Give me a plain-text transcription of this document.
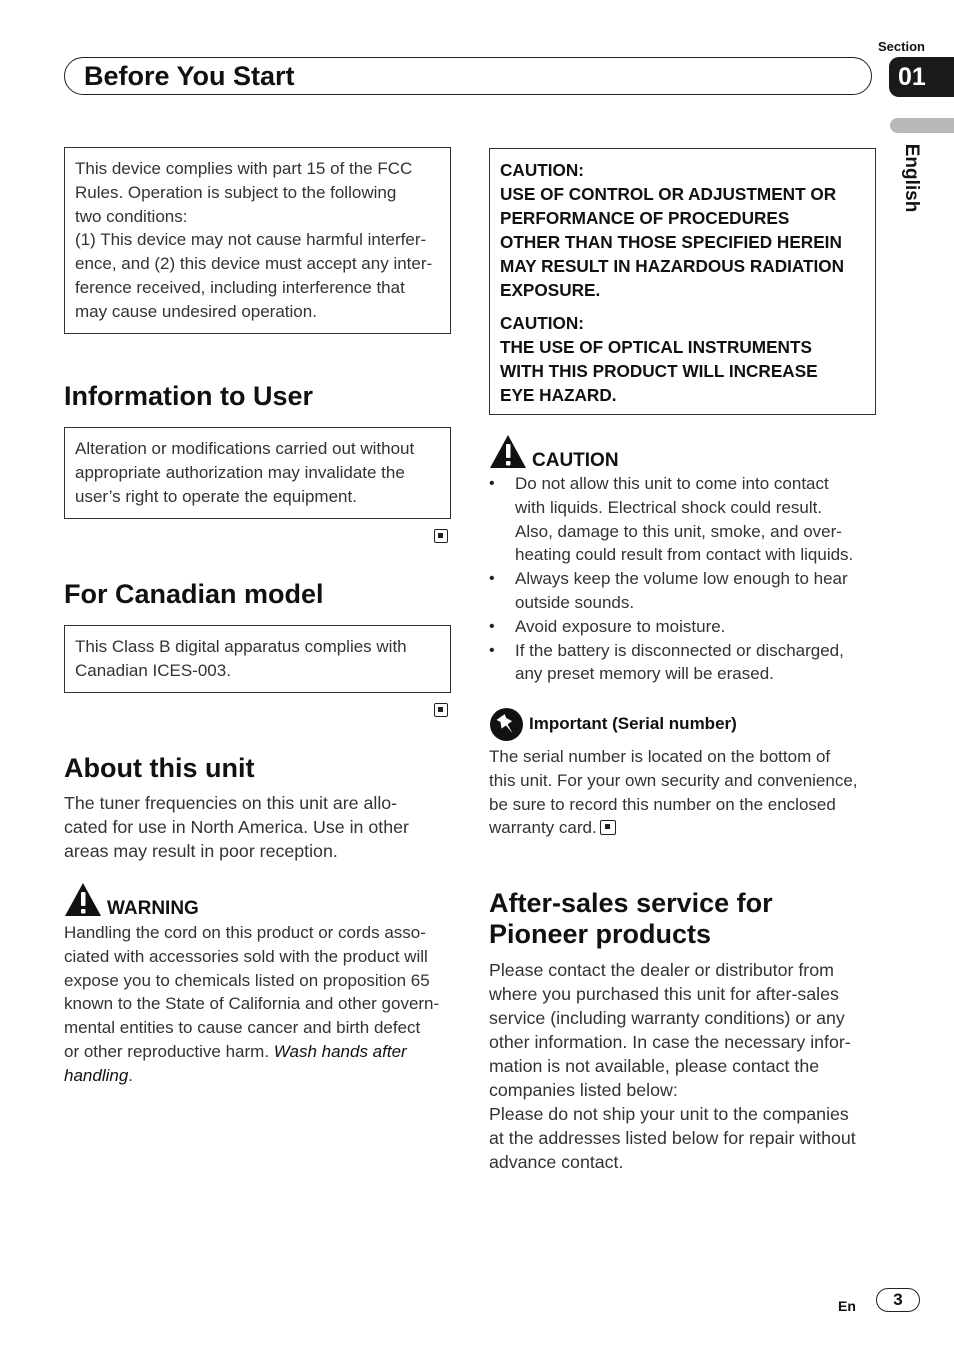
Section
Before You Start	01
English
This device complies with part 15 of the FCC
Rules. Operation is subject to the following
two conditions:
(1) This device may not cause harmful interfer-
ence, and (2) this device must accept any inter-
ference received, including interference that
may cause undesired operation.
Information to User
Alteration or modifications carried out without
appropriate authorization may invalidate the
user’s right to operate the equipment.
For Canadian model
This Class B digital apparatus complies with
Canadian ICES-003.
About this unit
The tuner frequencies on this unit are allo-
cated for use in North America. Use in other
areas may result in poor reception.
WARNING
Handling the cord on this product or cords asso-
ciated with accessories sold with the product will
expose you to chemicals listed on proposition 65
known to the State of California and other govern-
mental entities to cause cancer and birth defect
or other reproductive harm. Wash hands after
handling.
CAUTION:
USE OF CONTROL OR ADJUSTMENT OR
PERFORMANCE OF PROCEDURES
OTHER THAN THOSE SPECIFIED HEREIN
MAY RESULT IN HAZARDOUS RADIATION
EXPOSURE.
CAUTION:
THE USE OF OPTICAL INSTRUMENTS
WITH THIS PRODUCT WILL INCREASE
EYE HAZARD.
CAUTION
• Do not allow this unit to come into contact
with liquids. Electrical shock could result.
Also, damage to this unit, smoke, and over-
heating could result from contact with liquids.
• Always keep the volume low enough to hear
outside sounds.
• Avoid exposure to moisture.
• If the battery is disconnected or discharged,
any preset memory will be erased.
Important (Serial number)
The serial number is located on the bottom of
this unit. For your own security and convenience,
be sure to record this number on the enclosed
warranty card.
After-sales service for
Pioneer products
Please contact the dealer or distributor from
where you purchased this unit for after-sales
service (including warranty conditions) or any
other information. In case the necessary infor-
mation is not available, please contact the
companies listed below:
Please do not ship your unit to the companies
at the addresses listed below for repair without
advance contact.
En	3
